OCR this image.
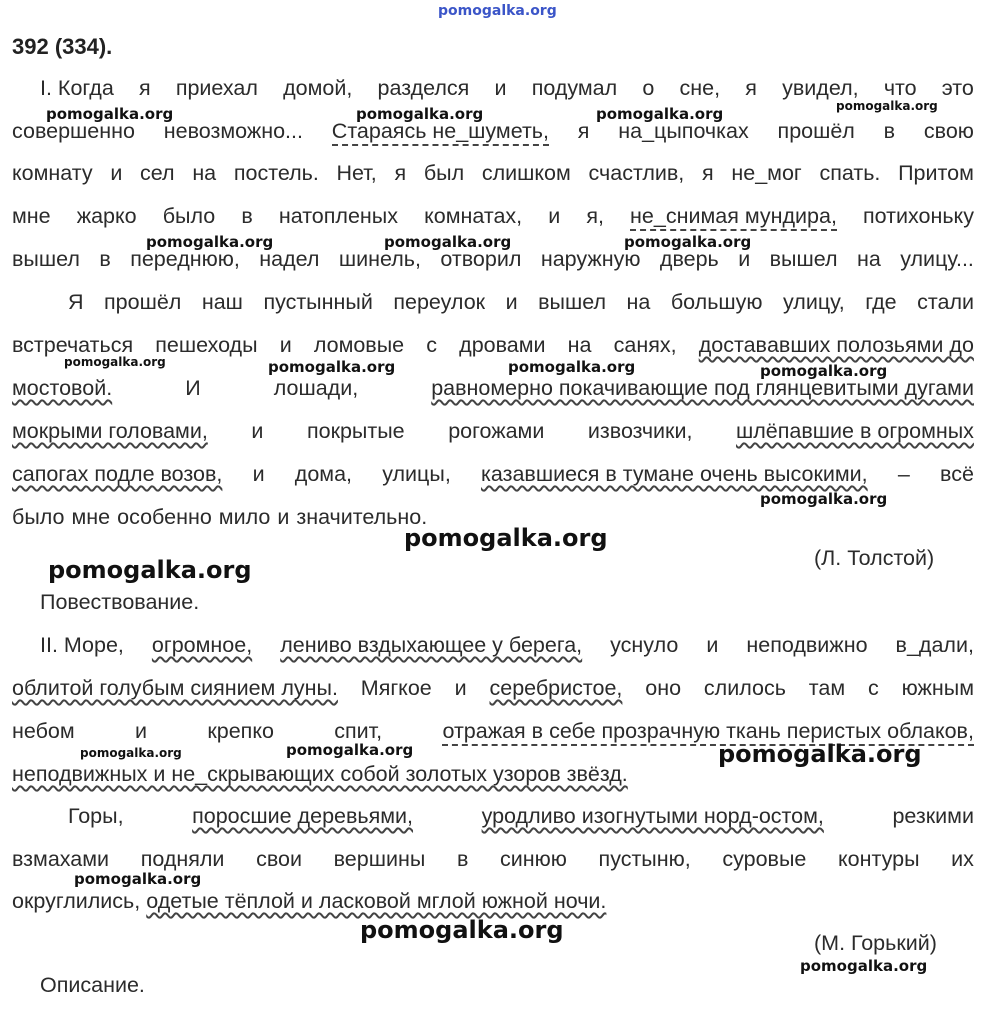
pomogalka.org
392 (334).
I. Когда я приехал домой, разделся и подумал о сне, я увидел, что это
совершенно невозможно... Стараясь не_шуметь, я на_цыпочках прошёл в свою
комнату и сел на постель. Нет, я был слишком счастлив, я не_мог спать. Притом
мне жарко было в натопленых комнатах, и я, не_снимая мундира, потихоньку
вышел в переднюю, надел шинель, отворил наружную дверь и вышел на улицу...
Я прошёл наш пустынный переулок и вышел на большую улицу, где стали
встречаться пешеходы и ломовые с дровами на санях, доставaвших полозьями до
мостовой.	И	лошади,	равномерно покачивающие под глянцевитыми дугами
мокрыми головами, и покрытые рогожами извозчики, шлёпавшие в огромных
сапогах подле возов, и дома, улицы, казавшиеся в тумане очень высокими, – всё
было мне особенно мило и значительно.
(Л. Толстой)
Повествование.
II. Море, огромное, лениво вздыхающее у берега, уснуло и неподвижно в_дали,
облитой голубым сиянием луны. Мягкое и серебристое, оно слилось там с южным
небом	и	крепко	спит,	отражая в себе прозрачную ткань перистых облаков,
неподвижных и не_скрывающих собой золотых узоров звёзд.
Горы,	поросшие деревьями,	уродливо изогнутыми норд-остом,	резкими
взмахами подняли свои вершины в синюю пустыню, суровые контуры их
округлились, одетые тёплой и ласковой мглой южной ночи.
(М. Горький)
Описание.
pomogalka.org	pomogalka.org	pomogalka.org	pomogalka.org
pomogalka.org	pomogalka.org	pomogalka.org
pomogalka.org	pomogalka.org	pomogalka.org	pomogalka.org
pomogalka.org
pomogalka.org
pomogalka.org
pomogalka.org	pomogalka.org	pomogalka.org
pomogalka.org
pomogalka.org
pomogalka.org
